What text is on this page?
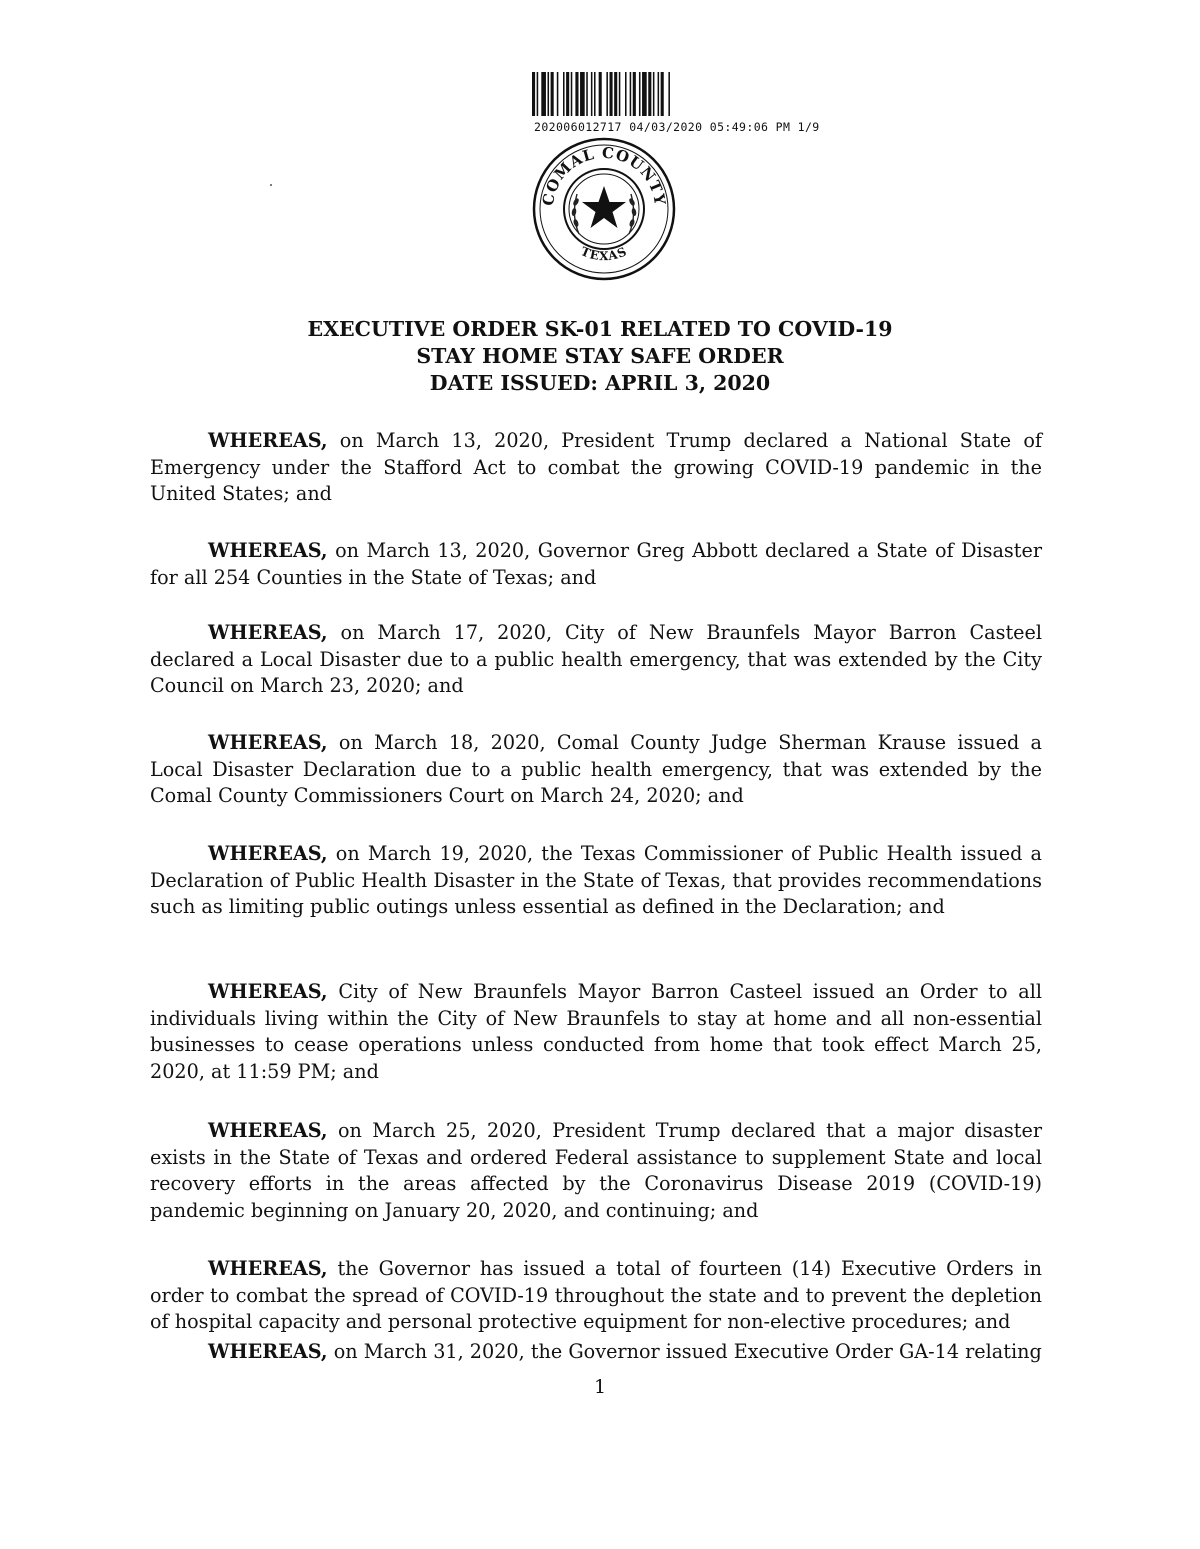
202006012717 04/03/2020 05:49:06 PM 1/9
COMAL COUNTY
TEXAS
EXECUTIVE ORDER SK-01 RELATED TO COVID-19
STAY HOME STAY SAFE ORDER
DATE ISSUED: APRIL 3, 2020

WHEREAS, on March 13, 2020, President Trump declared a National State of Emergency under the Stafford Act to combat the growing COVID-19 pandemic in the United States; and

WHEREAS, on March 13, 2020, Governor Greg Abbott declared a State of Disaster for all 254 Counties in the State of Texas; and

WHEREAS, on March 17, 2020, City of New Braunfels Mayor Barron Casteel declared a Local Disaster due to a public health emergency, that was extended by the City Council on March 23, 2020; and

WHEREAS, on March 18, 2020, Comal County Judge Sherman Krause issued a Local Disaster Declaration due to a public health emergency, that was extended by the Comal County Commissioners Court on March 24, 2020; and

WHEREAS, on March 19, 2020, the Texas Commissioner of Public Health issued a Declaration of Public Health Disaster in the State of Texas, that provides recommendations such as limiting public outings unless essential as defined in the Declaration; and

WHEREAS, City of New Braunfels Mayor Barron Casteel issued an Order to all individuals living within the City of New Braunfels to stay at home and all non-essential businesses to cease operations unless conducted from home that took effect March 25, 2020, at 11:59 PM; and

WHEREAS, on March 25, 2020, President Trump declared that a major disaster exists in the State of Texas and ordered Federal assistance to supplement State and local recovery efforts in the areas affected by the Coronavirus Disease 2019 (COVID-19) pandemic beginning on January 20, 2020, and continuing; and

WHEREAS, the Governor has issued a total of fourteen (14) Executive Orders in order to combat the spread of COVID-19 throughout the state and to prevent the depletion of hospital capacity and personal protective equipment for non-elective procedures; and

WHEREAS, on March 31, 2020, the Governor issued Executive Order GA-14 relating

1
